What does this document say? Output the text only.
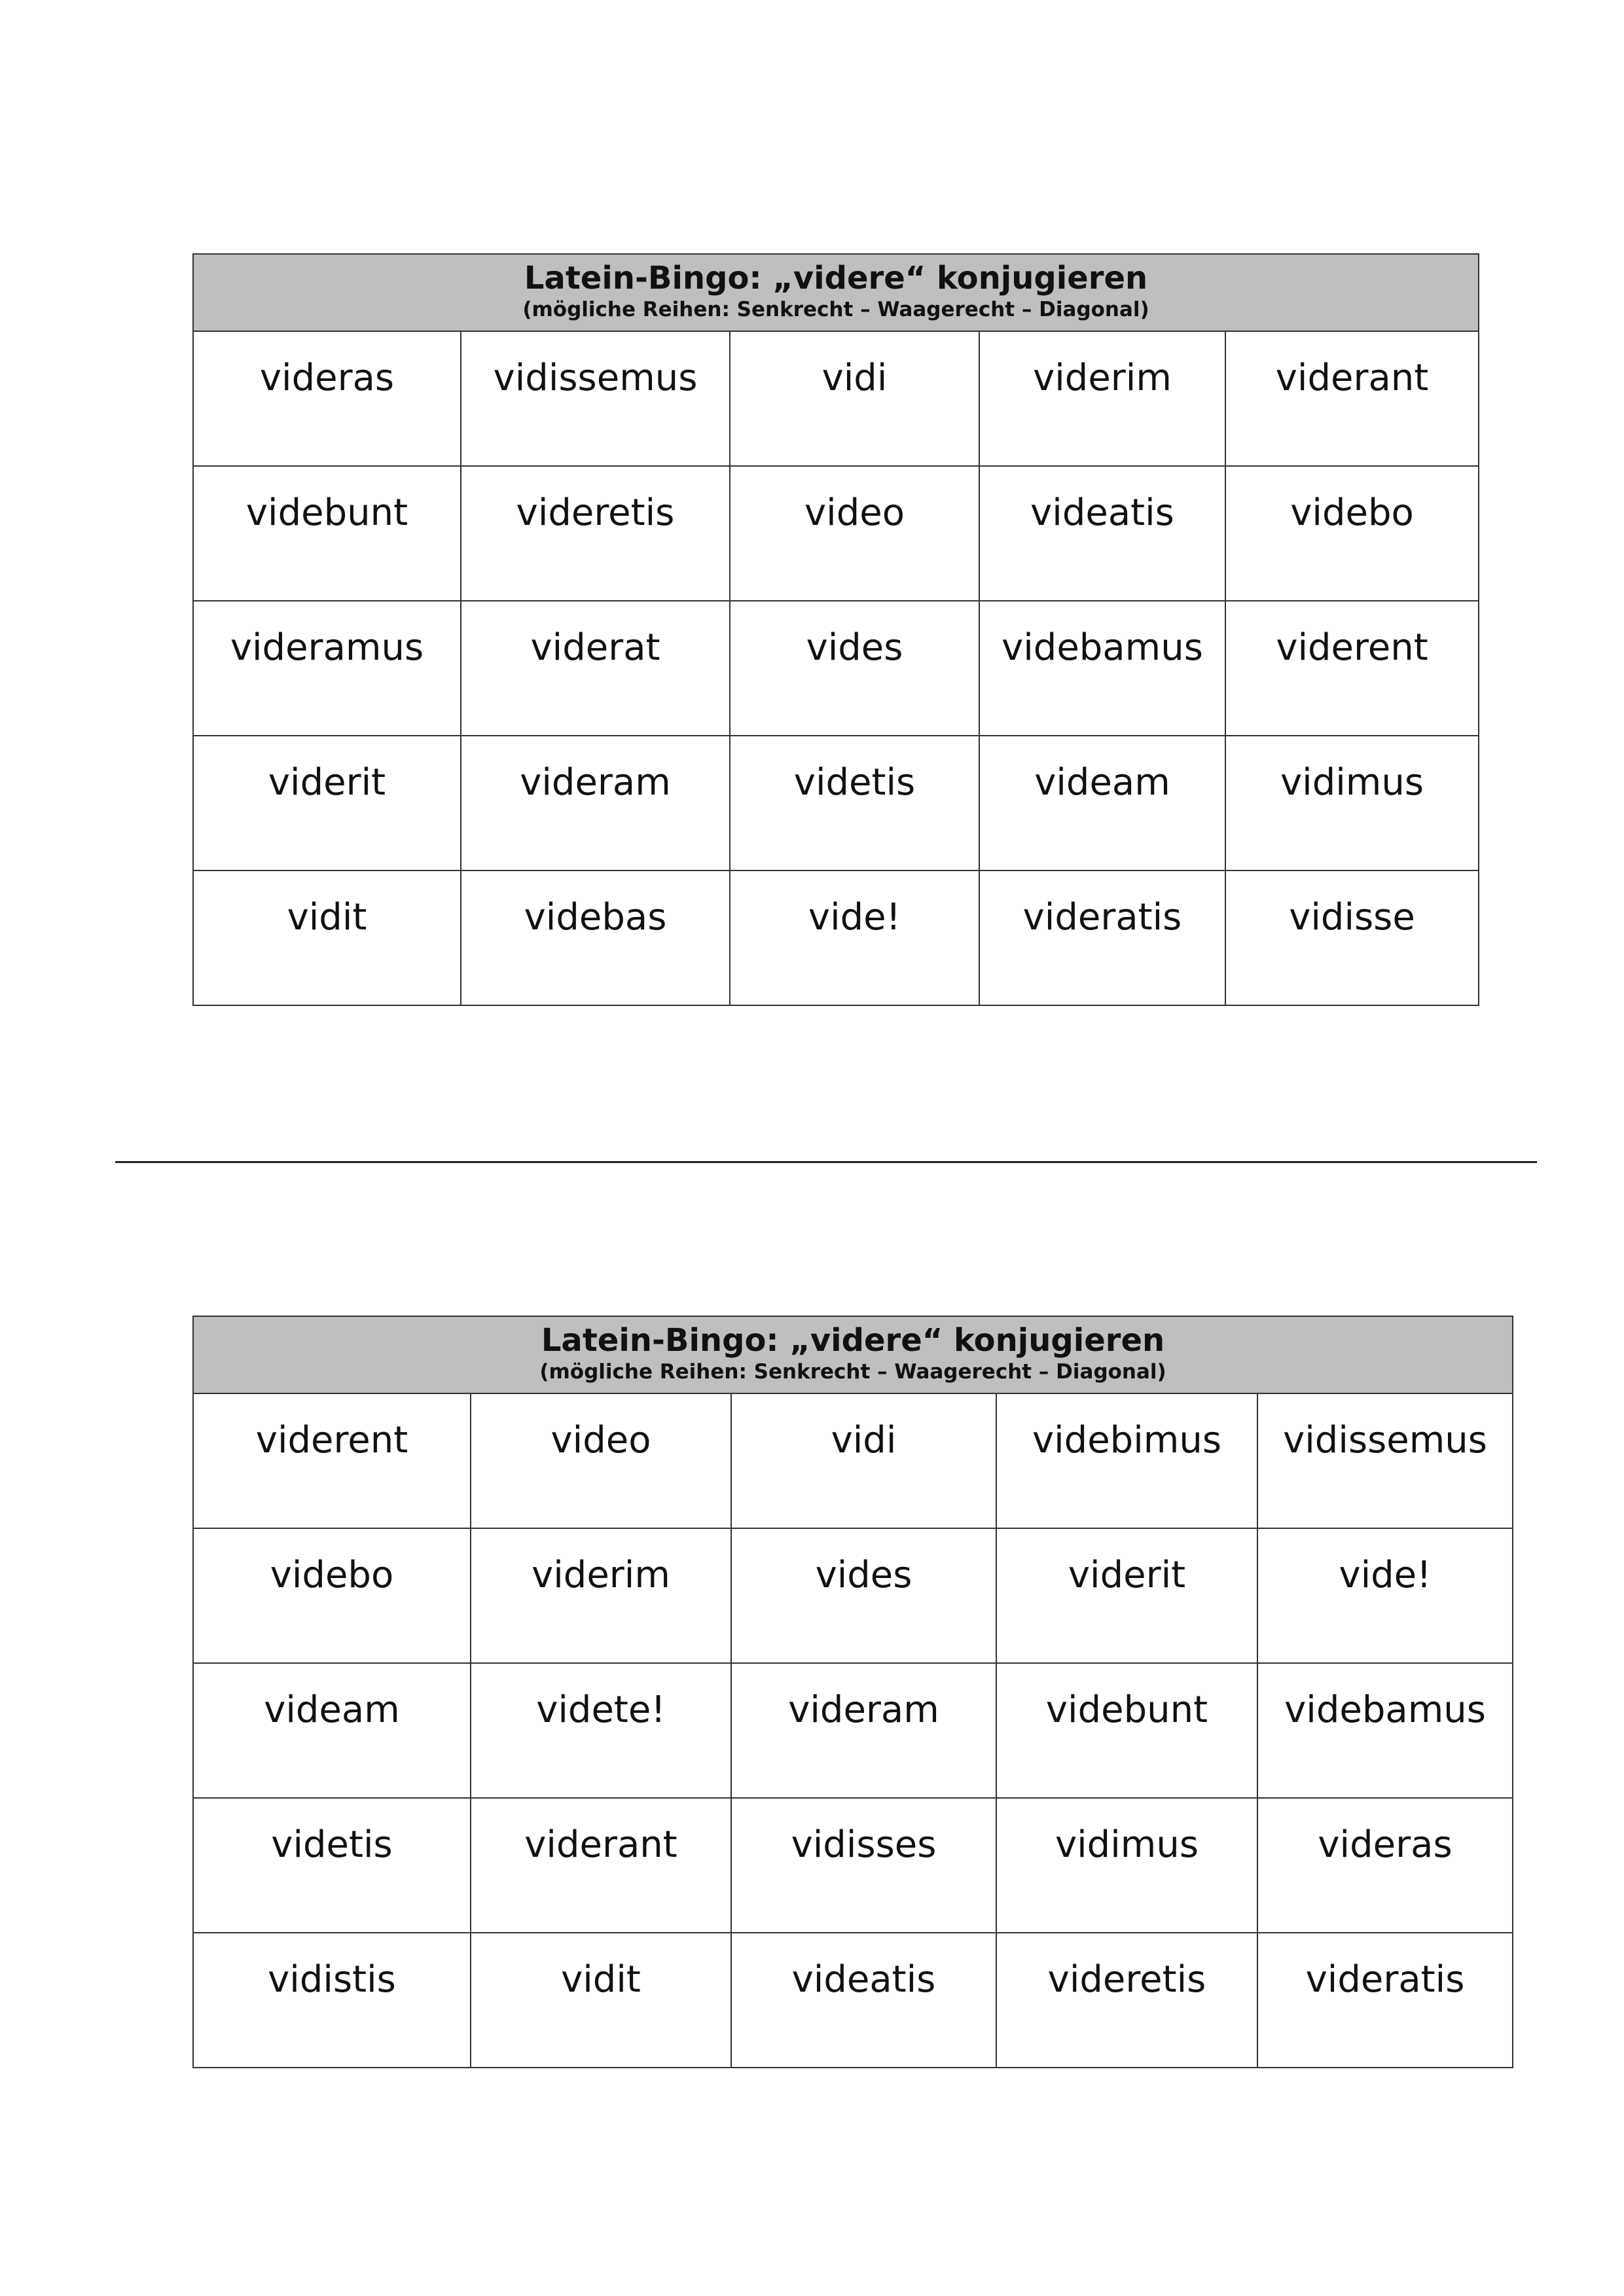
Latein-Bingo: „videre“ konjugieren
(mögliche Reihen: Senkrecht – Waagerecht – Diagonal)				

videras	vidissemus	vidi	viderim	viderant
videbunt	videretis	video	videatis	videbo
videramus	viderat	vides	videbamus	viderent
viderit	videram	videtis	videam	vidimus
vidit	videbas	vide!	videratis	vidisse
Latein-Bingo: „videre“ konjugieren
(mögliche Reihen: Senkrecht – Waagerecht – Diagonal)				

viderent	video	vidi	videbimus	vidissemus
videbo	viderim	vides	viderit	vide!
videam	videte!	videram	videbunt	videbamus
videtis	viderant	vidisses	vidimus	videras
vidistis	vidit	videatis	videretis	videratis
